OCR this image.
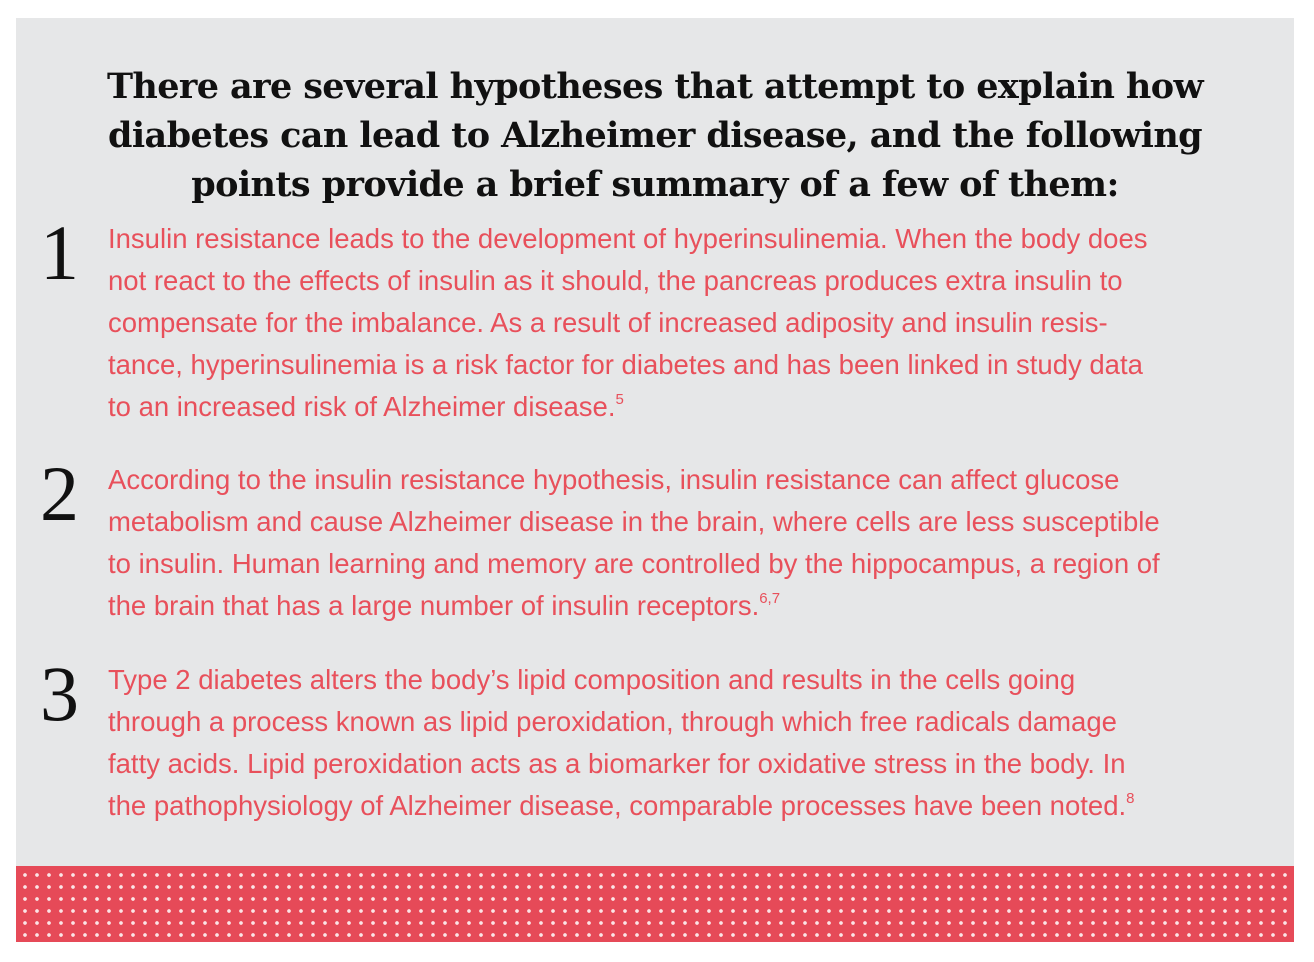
There are several hypotheses that attempt to explain how
diabetes can lead to Alzheimer disease, and the following
points provide a brief summary of a few of them:
1 Insulin resistance leads to the development of hyperinsulinemia. When the body does
not react to the effects of insulin as it should, the pancreas produces extra insulin to
compensate for the imbalance. As a result of increased adiposity and insulin resis-
tance, hyperinsulinemia is a risk factor for diabetes and has been linked in study data
to an increased risk of Alzheimer disease.$^5$

2 According to the insulin resistance hypothesis, insulin resistance can affect glucose
metabolism and cause Alzheimer disease in the brain, where cells are less susceptible
to insulin. Human learning and memory are controlled by the hippocampus, a region of
the brain that has a large number of insulin receptors.$^{6,7}$

3 Type 2 diabetes alters the body’s lipid composition and results in the cells going
through a process known as lipid peroxidation, through which free radicals damage
fatty acids. Lipid peroxidation acts as a biomarker for oxidative stress in the body. In
the pathophysiology of Alzheimer disease, comparable processes have been noted.$^8$
